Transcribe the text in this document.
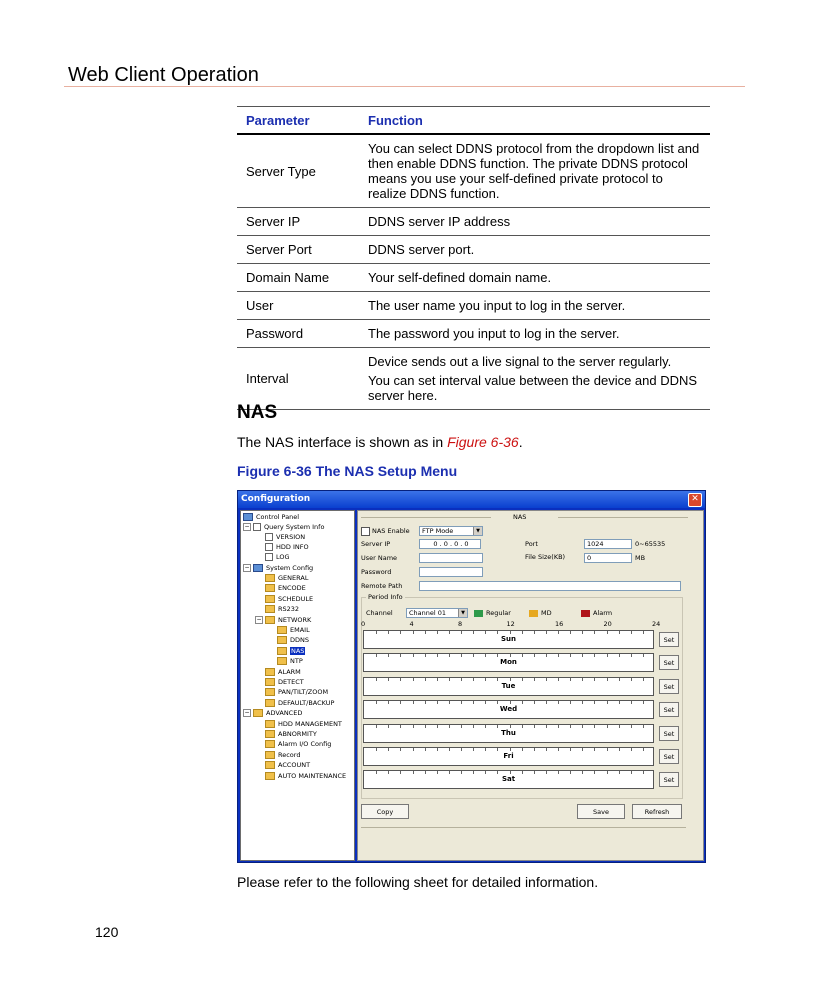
Web Client Operation
Parameter	Function
Server Type	You can select DDNS protocol from the dropdown list and then enable DDNS function. The private DDNS protocol means you use your self-defined private protocol to realize DDNS function.

Server IP	DDNS server IP address

Server Port	DDNS server port.

Domain Name	Your self-defined domain name.

User	The user name you input to log in the server.

Password	The password you input to log in the server.

Interval	Device sends out a live signal to the server regularly.
You can set interval value between the device and DDNS server here.
NAS
The NAS interface is shown as in Figure 6-36.
Figure 6-36 The NAS Setup Menu
Configuration	✕
Control Panel
− Query System Info
VERSION
HDD INFO
LOG
−	System Config
GENERAL
ENCODE
SCHEDULE
RS232
−	NETWORK
EMAIL
DDNS
NAS
NTP
ALARM
DETECT
PAN/TILT/ZOOM
DEFAULT/BACKUP
−	ADVANCED
HDD MANAGEMENT
ABNORMITY
Alarm I/O Config
Record
ACCOUNT
AUTO MAINTENANCE
NAS
NAS Enable	FTP Mode	▼
Server IP	0 . 0 . 0 . 0	Port	1024	0~65535
User Name	File Size(KB)	0	MB
Password
Remote Path
Period Info
Channel	Channel 01	▼	Regular	MD	Alarm
0	4	8	12	16	20	24
Sun	Set
Mon	Set
Tue	Set
Wed	Set
Thu	Set
Fri	Set
Sat	Set
Copy	Save	Refresh
Please refer to the following sheet for detailed information.
120
